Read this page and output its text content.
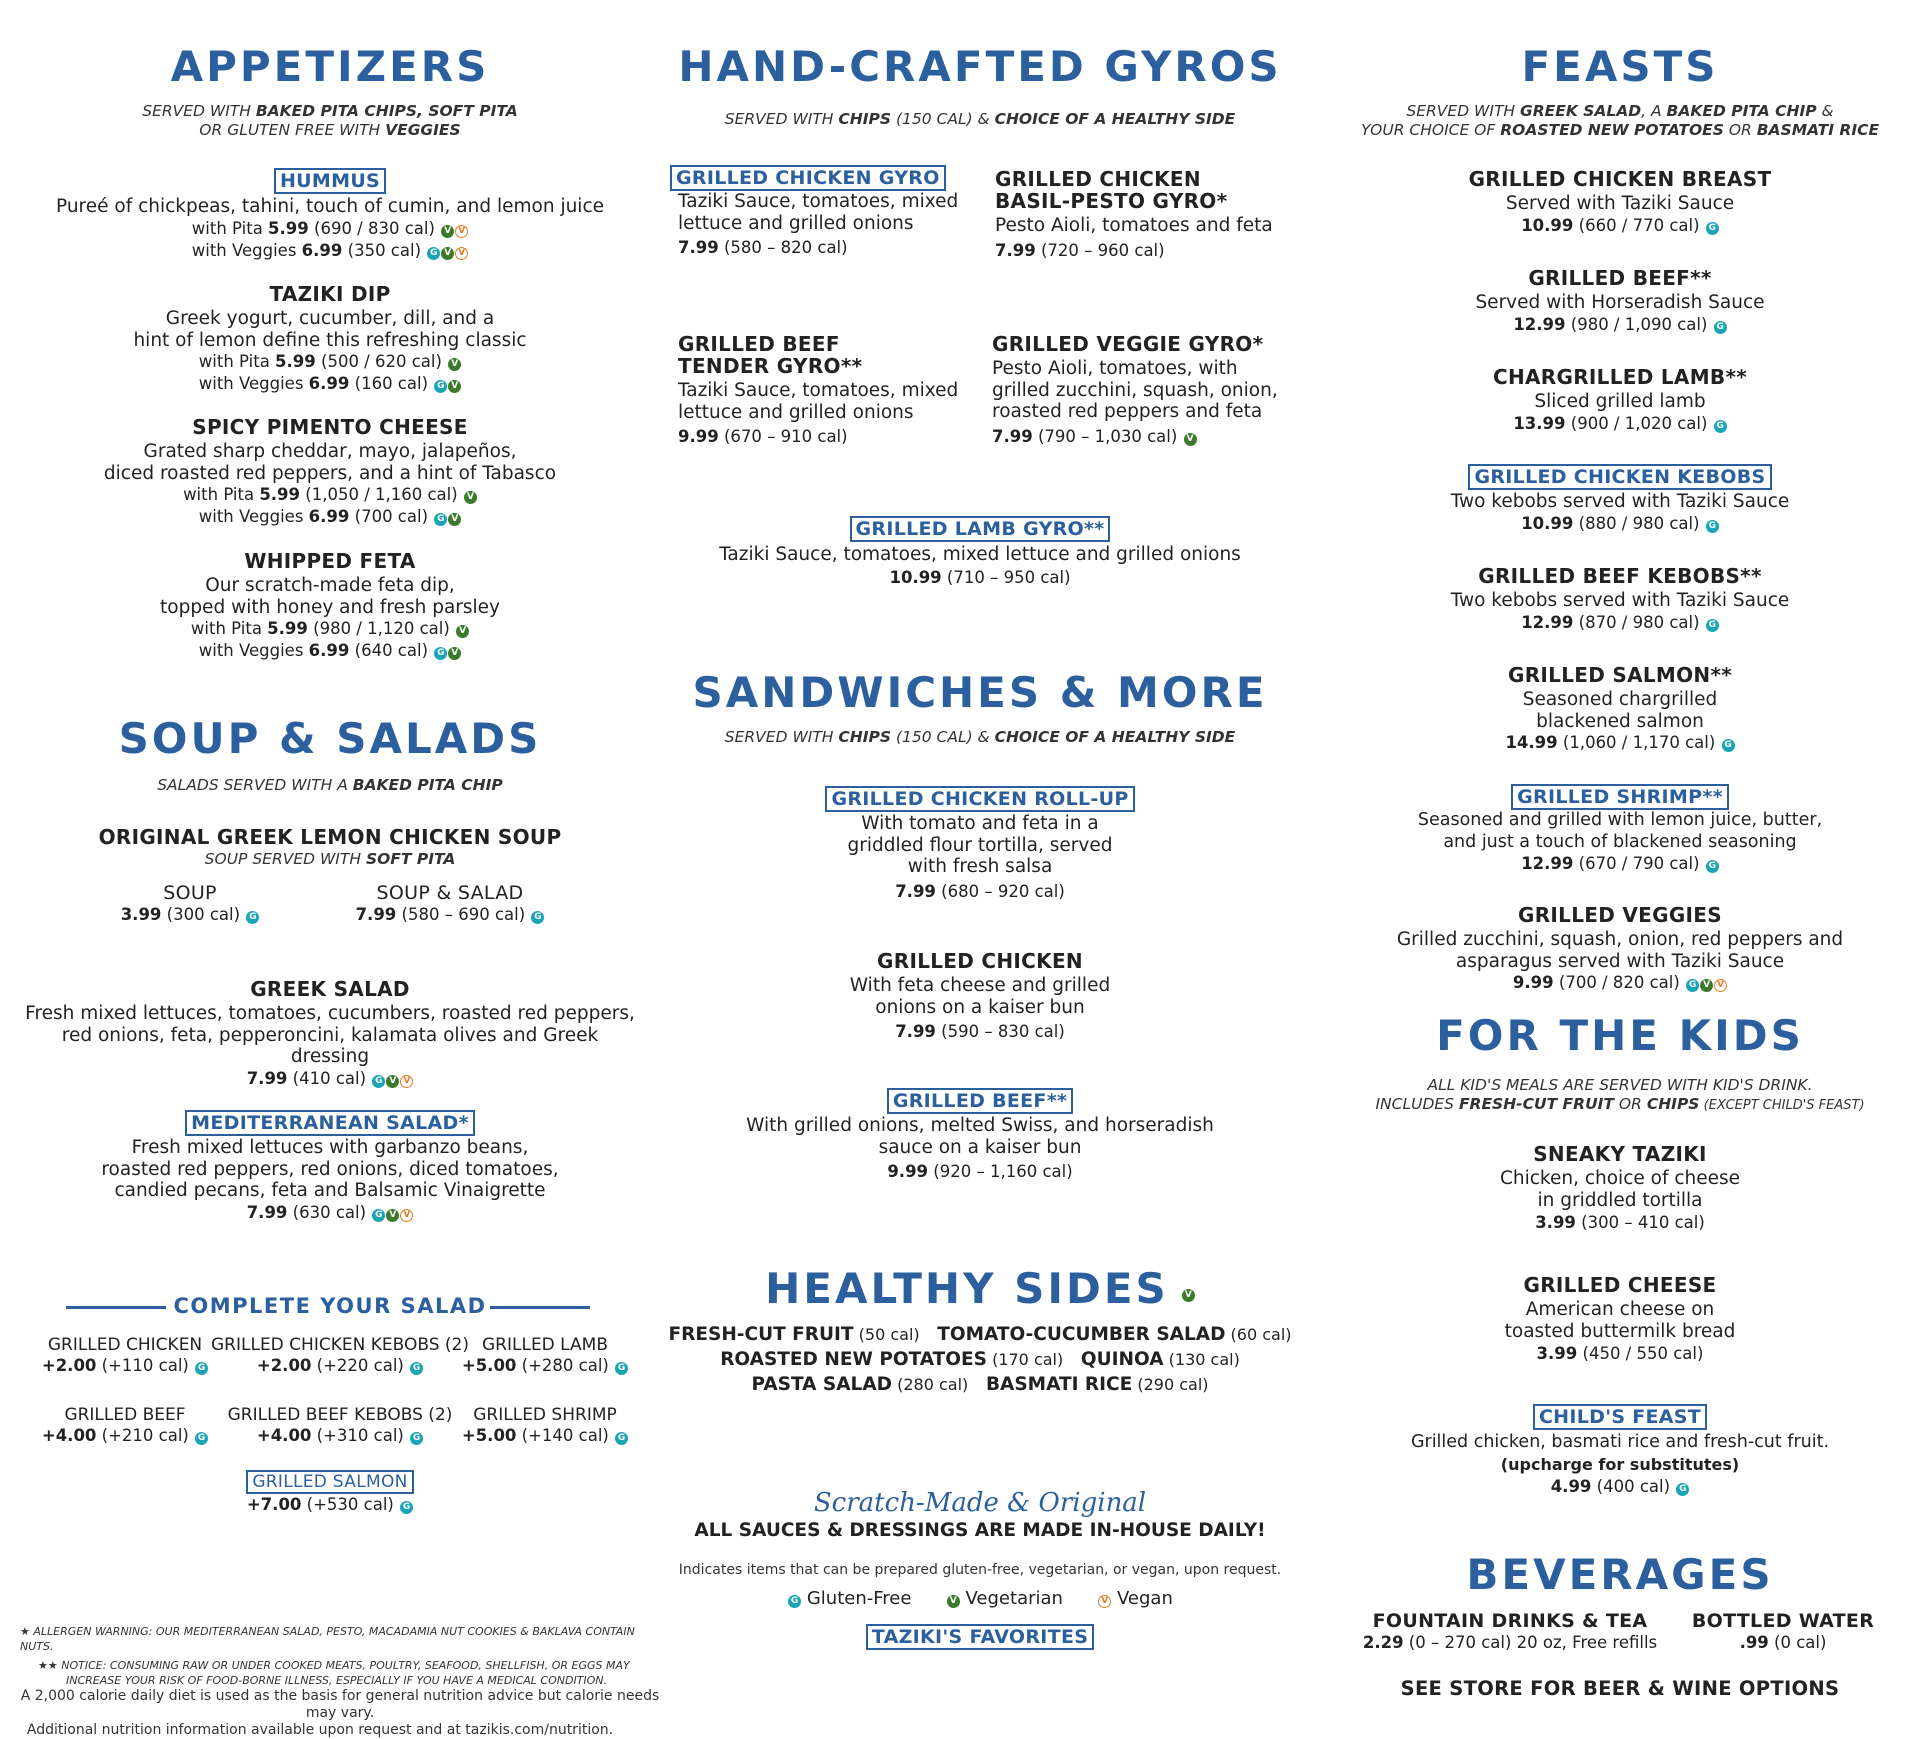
APPETIZERS
SERVED WITH BAKED PITA CHIPS, SOFT PITA
OR GLUTEN FREE WITH VEGGIES
HUMMUS
Pureé of chickpeas, tahini, touch of cumin, and lemon juice
with Pita 5.99 (690 / 830 cal) V V
with Veggies 6.99 (350 cal) G V V
TAZIKI DIP
Greek yogurt, cucumber, dill, and a
hint of lemon define this refreshing classic
with Pita 5.99 (500 / 620 cal) V
with Veggies 6.99 (160 cal) G V
SPICY PIMENTO CHEESE
Grated sharp cheddar, mayo, jalapeños,
diced roasted red peppers, and a hint of Tabasco
with Pita 5.99 (1,050 / 1,160 cal) V
with Veggies 6.99 (700 cal) G V
WHIPPED FETA
Our scratch-made feta dip,
topped with honey and fresh parsley
with Pita 5.99 (980 / 1,120 cal) V
with Veggies 6.99 (640 cal) G V
SOUP & SALADS
SALADS SERVED WITH A BAKED PITA CHIP
ORIGINAL GREEK LEMON CHICKEN SOUP
SOUP SERVED WITH SOFT PITA
SOUP
3.99 (300 cal) G
SOUP & SALAD
7.99 (580 – 690 cal) G
GREEK SALAD
Fresh mixed lettuces, tomatoes, cucumbers, roasted red peppers,
red onions, feta, pepperoncini, kalamata olives and Greek dressing
7.99 (410 cal) G V V
MEDITERRANEAN SALAD*
Fresh mixed lettuces with garbanzo beans,
roasted red peppers, red onions, diced tomatoes,
candied pecans, feta and Balsamic Vinaigrette
7.99 (630 cal) G V V
COMPLETE YOUR SALAD
GRILLED CHICKEN
+2.00 (+110 cal) G
GRILLED CHICKEN KEBOBS (2)
+2.00 (+220 cal) G
GRILLED LAMB
+5.00 (+280 cal) G
GRILLED BEEF
+4.00 (+210 cal) G
GRILLED BEEF KEBOBS (2)
+4.00 (+310 cal) G
GRILLED SHRIMP
+5.00 (+140 cal) G
GRILLED SALMON
+7.00 (+530 cal) G
★ ALLERGEN WARNING: OUR MEDITERRANEAN SALAD, PESTO, MACADAMIA NUT COOKIES & BAKLAVA CONTAIN NUTS.
★★ NOTICE: CONSUMING RAW OR UNDER COOKED MEATS, POULTRY, SEAFOOD, SHELLFISH, OR EGGS MAY
INCREASE YOUR RISK OF FOOD-BORNE ILLNESS, ESPECIALLY IF YOU HAVE A MEDICAL CONDITION.
A 2,000 calorie daily diet is used as the basis for general nutrition advice but calorie needs may vary.
Additional nutrition information available upon request and at tazikis.com/nutrition.
HAND-CRAFTED GYROS
SERVED WITH CHIPS (150 CAL) & CHOICE OF A HEALTHY SIDE
GRILLED CHICKEN GYRO
Taziki Sauce, tomatoes, mixed
lettuce and grilled onions
7.99 (580 – 820 cal)
GRILLED CHICKEN
BASIL-PESTO GYRO*
Pesto Aioli, tomatoes and feta
7.99 (720 – 960 cal)
GRILLED BEEF
TENDER GYRO**
Taziki Sauce, tomatoes, mixed
lettuce and grilled onions
9.99 (670 – 910 cal)
GRILLED VEGGIE GYRO*
Pesto Aioli, tomatoes, with
grilled zucchini, squash, onion,
roasted red peppers and feta
7.99 (790 – 1,030 cal) V
GRILLED LAMB GYRO**
Taziki Sauce, tomatoes, mixed lettuce and grilled onions
10.99 (710 – 950 cal)
SANDWICHES & MORE
SERVED WITH CHIPS (150 CAL) & CHOICE OF A HEALTHY SIDE
GRILLED CHICKEN ROLL-UP
With tomato and feta in a
griddled flour tortilla, served
with fresh salsa
7.99 (680 – 920 cal)
GRILLED CHICKEN
With feta cheese and grilled
onions on a kaiser bun
7.99 (590 – 830 cal)
GRILLED BEEF**
With grilled onions, melted Swiss, and horseradish
sauce on a kaiser bun
9.99 (920 – 1,160 cal)
HEALTHY SIDES V
FRESH-CUT FRUIT (50 cal) TOMATO-CUCUMBER SALAD (60 cal)
ROASTED NEW POTATOES (170 cal) QUINOA (130 cal)
PASTA SALAD (280 cal) BASMATI RICE (290 cal)
Scratch-Made & Original
ALL SAUCES & DRESSINGS ARE MADE IN-HOUSE DAILY!
Indicates items that can be prepared gluten-free, vegetarian, or vegan, upon request.
G Gluten-Free	V Vegetarian	V Vegan
TAZIKI'S FAVORITES
FEASTS
SERVED WITH GREEK SALAD, A BAKED PITA CHIP &
YOUR CHOICE OF ROASTED NEW POTATOES OR BASMATI RICE
GRILLED CHICKEN BREAST
Served with Taziki Sauce
10.99 (660 / 770 cal) G
GRILLED BEEF**
Served with Horseradish Sauce
12.99 (980 / 1,090 cal) G
CHARGRILLED LAMB**
Sliced grilled lamb
13.99 (900 / 1,020 cal) G
GRILLED CHICKEN KEBOBS
Two kebobs served with Taziki Sauce
10.99 (880 / 980 cal) G
GRILLED BEEF KEBOBS**
Two kebobs served with Taziki Sauce
12.99 (870 / 980 cal) G
GRILLED SALMON**
Seasoned chargrilled
blackened salmon
14.99 (1,060 / 1,170 cal) G
GRILLED SHRIMP**
Seasoned and grilled with lemon juice, butter,
and just a touch of blackened seasoning
12.99 (670 / 790 cal) G
GRILLED VEGGIES
Grilled zucchini, squash, onion, red peppers and
asparagus served with Taziki Sauce
9.99 (700 / 820 cal) G V V
FOR THE KIDS
ALL KID'S MEALS ARE SERVED WITH KID'S DRINK.
INCLUDES FRESH-CUT FRUIT OR CHIPS (EXCEPT CHILD'S FEAST)
SNEAKY TAZIKI
Chicken, choice of cheese
in griddled tortilla
3.99 (300 – 410 cal)
GRILLED CHEESE
American cheese on
toasted buttermilk bread
3.99 (450 / 550 cal)
CHILD'S FEAST
Grilled chicken, basmati rice and fresh-cut fruit.
(upcharge for substitutes)
4.99 (400 cal) G
BEVERAGES
FOUNTAIN DRINKS & TEA
2.29 (0 – 270 cal) 20 oz, Free refills
BOTTLED WATER
.99 (0 cal)
SEE STORE FOR BEER & WINE OPTIONS
